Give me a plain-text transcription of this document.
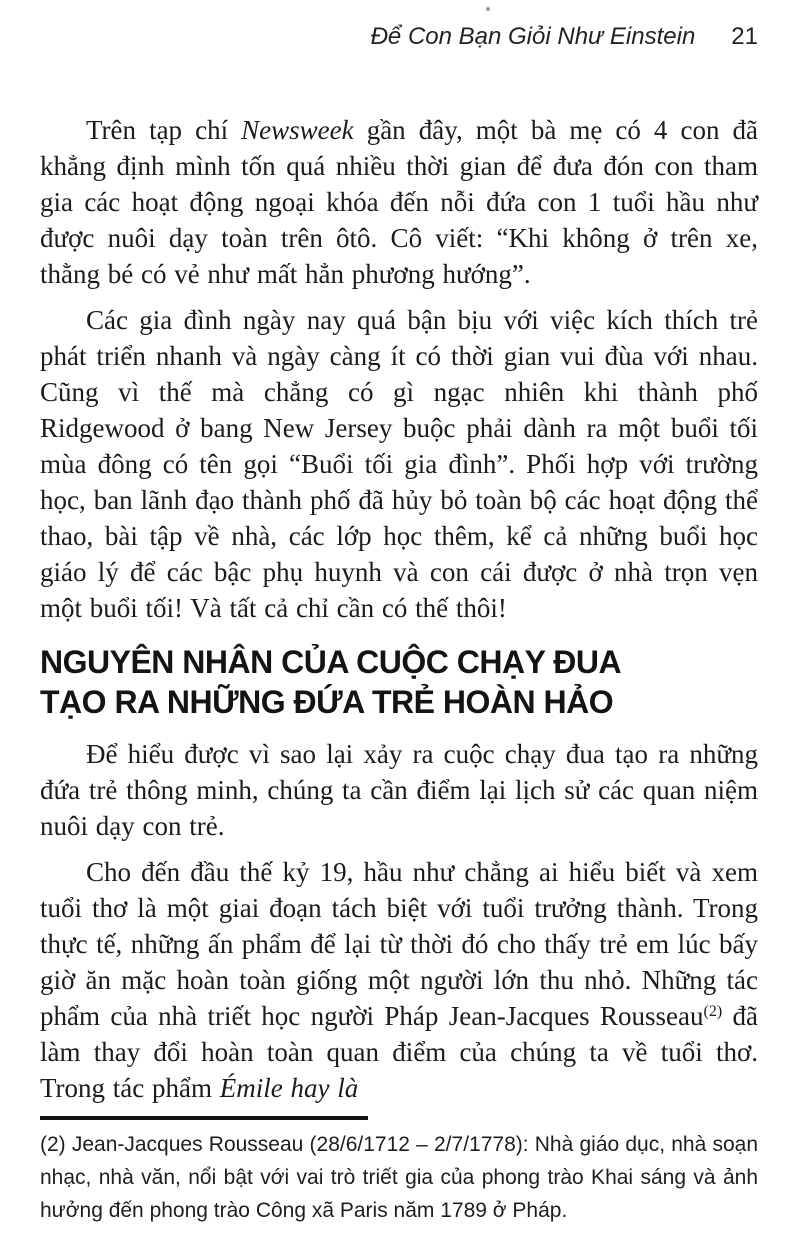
Để Con Bạn Giỏi Như Einstein 21

Trên tạp chí Newsweek gần đây, một bà mẹ có 4 con đã khẳng định mình tốn quá nhiều thời gian để đưa đón con tham gia các hoạt động ngoại khóa đến nỗi đứa con 1 tuổi hầu như được nuôi dạy toàn trên ôtô. Cô viết: “Khi không ở trên xe, thằng bé có vẻ như mất hẳn phương hướng”.

Các gia đình ngày nay quá bận bịu với việc kích thích trẻ phát triển nhanh và ngày càng ít có thời gian vui đùa với nhau. Cũng vì thế mà chẳng có gì ngạc nhiên khi thành phố Ridgewood ở bang New Jersey buộc phải dành ra một buổi tối mùa đông có tên gọi “Buổi tối gia đình”. Phối hợp với trường học, ban lãnh đạo thành phố đã hủy bỏ toàn bộ các hoạt động thể thao, bài tập về nhà, các lớp học thêm, kể cả những buổi học giáo lý để các bậc phụ huynh và con cái được ở nhà trọn vẹn một buổi tối! Và tất cả chỉ cần có thế thôi!

NGUYÊN NHÂN CỦA CUỘC CHẠY ĐUA
TẠO RA NHỮNG ĐỨA TRẺ HOÀN HẢO

Để hiểu được vì sao lại xảy ra cuộc chạy đua tạo ra những đứa trẻ thông minh, chúng ta cần điểm lại lịch sử các quan niệm nuôi dạy con trẻ.

Cho đến đầu thế kỷ 19, hầu như chẳng ai hiểu biết và xem tuổi thơ là một giai đoạn tách biệt với tuổi trưởng thành. Trong thực tế, những ấn phẩm để lại từ thời đó cho thấy trẻ em lúc bấy giờ ăn mặc hoàn toàn giống một người lớn thu nhỏ. Những tác phẩm của nhà triết học người Pháp Jean-Jacques Rousseau$^{(2)}$ đã làm thay đổi hoàn toàn quan điểm của chúng ta về tuổi thơ. Trong tác phẩm Émile hay là

(2) Jean-Jacques Rousseau (28/6/1712 – 2/7/1778): Nhà giáo dục, nhà soạn nhạc, nhà văn, nổi bật với vai trò triết gia của phong trào Khai sáng và ảnh hưởng đến phong trào Công xã Paris năm 1789 ở Pháp.
